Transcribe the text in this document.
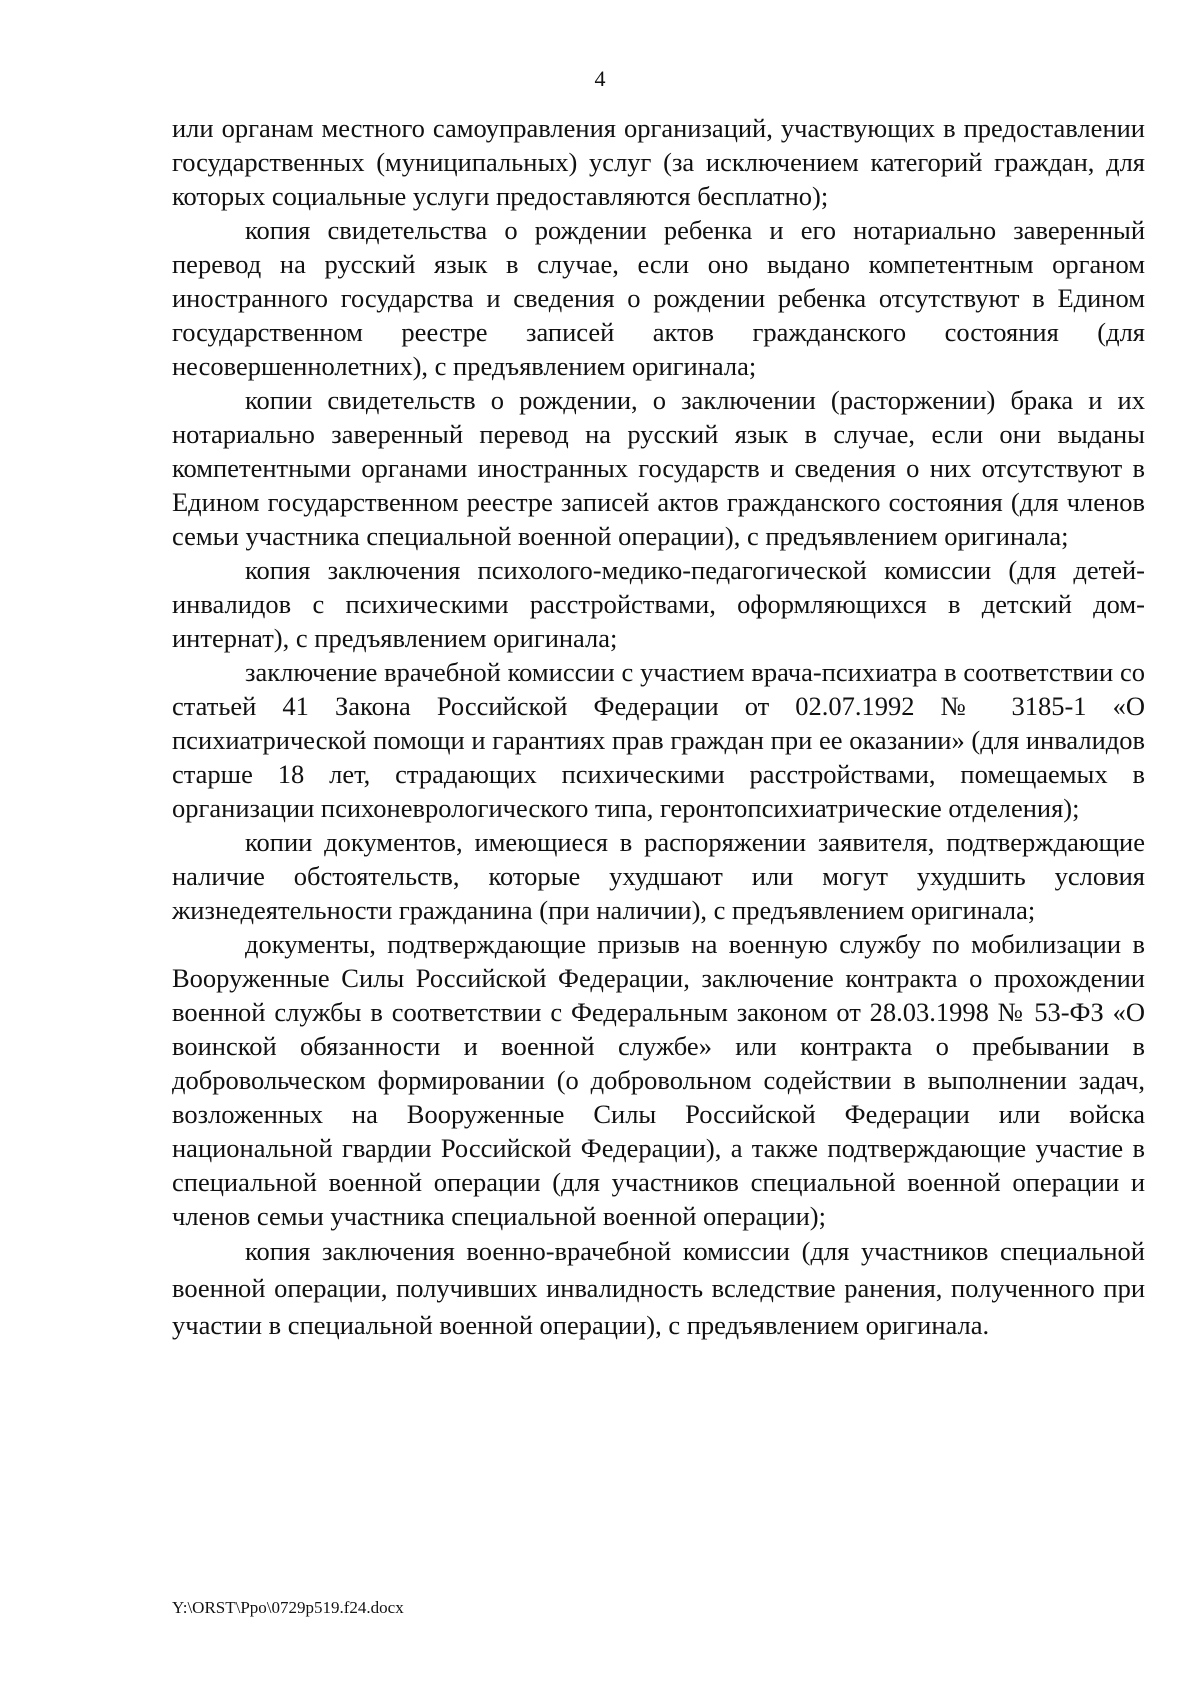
4

или органам местного самоуправления организаций, участвующих в предоставлении государственных (муниципальных) услуг (за исключением категорий граждан, для которых социальные услуги предоставляются бесплатно);

копия свидетельства о рождении ребенка и его нотариально заверенный перевод на русский язык в случае, если оно выдано компетентным органом иностранного государства и сведения о рождении ребенка отсутствуют в Едином государственном реестре записей актов гражданского состояния (для несовершеннолетних), с предъявлением оригинала;

копии свидетельств о рождении, о заключении (расторжении) брака и их нотариально заверенный перевод на русский язык в случае, если они выданы компетентными органами иностранных государств и сведения о них отсутствуют в Едином государственном реестре записей актов гражданского состояния (для членов семьи участника специальной военной операции), с предъявлением оригинала;

копия заключения психолого-медико-педагогической комиссии (для детей-инвалидов с психическими расстройствами, оформляющихся в детский дом-интернат), с предъявлением оригинала;

заключение врачебной комиссии с участием врача-психиатра в соответствии со статьей 41 Закона Российской Федерации от 02.07.1992 № 3185-1 «О психиатрической помощи и гарантиях прав граждан при ее оказании» (для инвалидов старше 18 лет, страдающих психическими расстройствами, помещаемых в организации психоневрологического типа, геронтопсихиатрические отделения);

копии документов, имеющиеся в распоряжении заявителя, подтверждающие наличие обстоятельств, которые ухудшают или могут ухудшить условия жизнедеятельности гражданина (при наличии), с предъявлением оригинала;

документы, подтверждающие призыв на военную службу по мобилизации в Вооруженные Силы Российской Федерации, заключение контракта о прохождении военной службы в соответствии с Федеральным законом от 28.03.1998 № 53-ФЗ «О воинской обязанности и военной службе» или контракта о пребывании в добровольческом формировании (о добровольном содействии в выполнении задач, возложенных на Вооруженные Силы Российской Федерации или войска национальной гвардии Российской Федерации), а также подтверждающие участие в специальной военной операции (для участников специальной военной операции и членов семьи участника специальной военной операции);

копия заключения военно-врачебной комиссии (для участников специальной военной операции, получивших инвалидность вследствие ранения, полученного при участии в специальной военной операции), с предъявлением оригинала.

Y:\ORST\Ppo\0729p519.f24.docx
